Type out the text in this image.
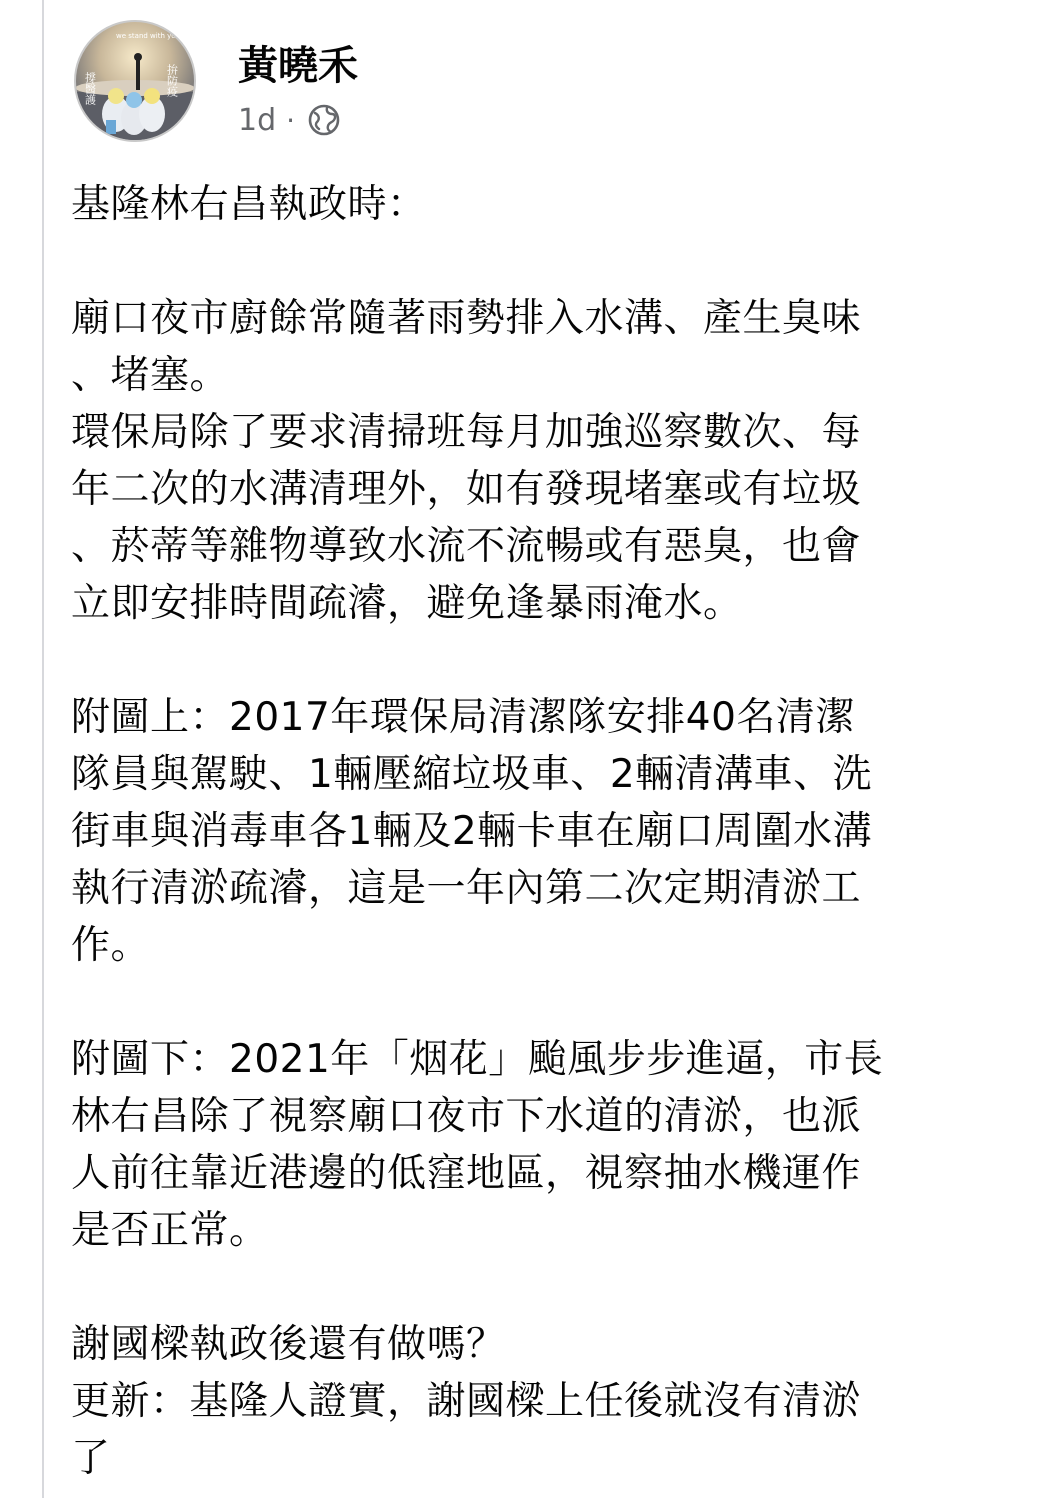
撐醫護	拚防疫
we stand with you all
黃曉禾
1d ·
基隆林右昌執政時：
廟口夜市廚餘常隨著雨勢排入水溝、產生臭味
、堵塞。
環保局除了要求清掃班每月加強巡察數次、每
年二次的水溝清理外，如有發現堵塞或有垃圾
、菸蒂等雜物導致水流不流暢或有惡臭，也會
立即安排時間疏濬，避免逢暴雨淹水。
附圖上：2017年環保局清潔隊安排40名清潔
隊員與駕駛、1輛壓縮垃圾車、2輛清溝車、洗
街車與消毒車各1輛及2輛卡車在廟口周圍水溝
執行清淤疏濬，這是一年內第二次定期清淤工
作。
附圖下：2021年「烟花」颱風步步進逼，市長
林右昌除了視察廟口夜市下水道的清淤，也派
人前往靠近港邊的低窪地區，視察抽水機運作
是否正常。
謝國樑執政後還有做嗎？
更新：基隆人證實，謝國樑上任後就沒有清淤
了
